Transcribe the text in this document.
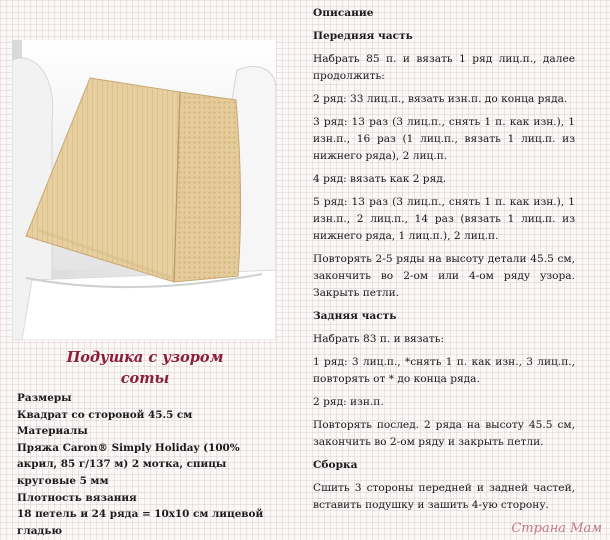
Подушка с узором
соты

Размеры

Квадрат со стороной 45.5 см

Материалы

Пряжа Caron® Simply Holiday (100% акрил, 85 г/137 м) 2 мотка, спицы круговые 5 мм

Плотность вязания

18 петель и 24 ряда = 10x10 см лицевой гладью

Описание

Передняя часть

Набрать 85 п. и вязать 1 ряд лиц.п., далее продолжить:

2 ряд: 33 лиц.п., вязать изн.п. до конца ряда.

3 ряд: 13 раз (3 лиц.п., снять 1 п. как изн.), 1 изн.п., 16 раз (1 лиц.п., вязать 1 лиц.п. из нижнего ряда), 2 лиц.п.

4 ряд: вязать как 2 ряд.

5 ряд: 13 раз (3 лиц.п., снять 1 п. как изн.), 1 изн.п., 2 лиц.п., 14 раз (вязать 1 лиц.п. из нижнего ряда, 1 лиц.п.), 2 лиц.п.

Повторять 2-5 ряды на высоту детали 45.5 см, закончить во 2-ом или 4-ом ряду узора. Закрыть петли.

Задняя часть

Набрать 83 п. и вязать:

1 ряд: 3 лиц.п., *снять 1 п. как изн., 3 лиц.п., повторять от * до конца ряда.

2 ряд: изн.п.

Повторять послед. 2 ряда на высоту 45.5 см, закончить во 2-ом ряду и закрыть петли.

Сборка

Сшить 3 стороны передней и задней частей, вставить подушку и зашить 4-ую сторону.

Страна Мам
